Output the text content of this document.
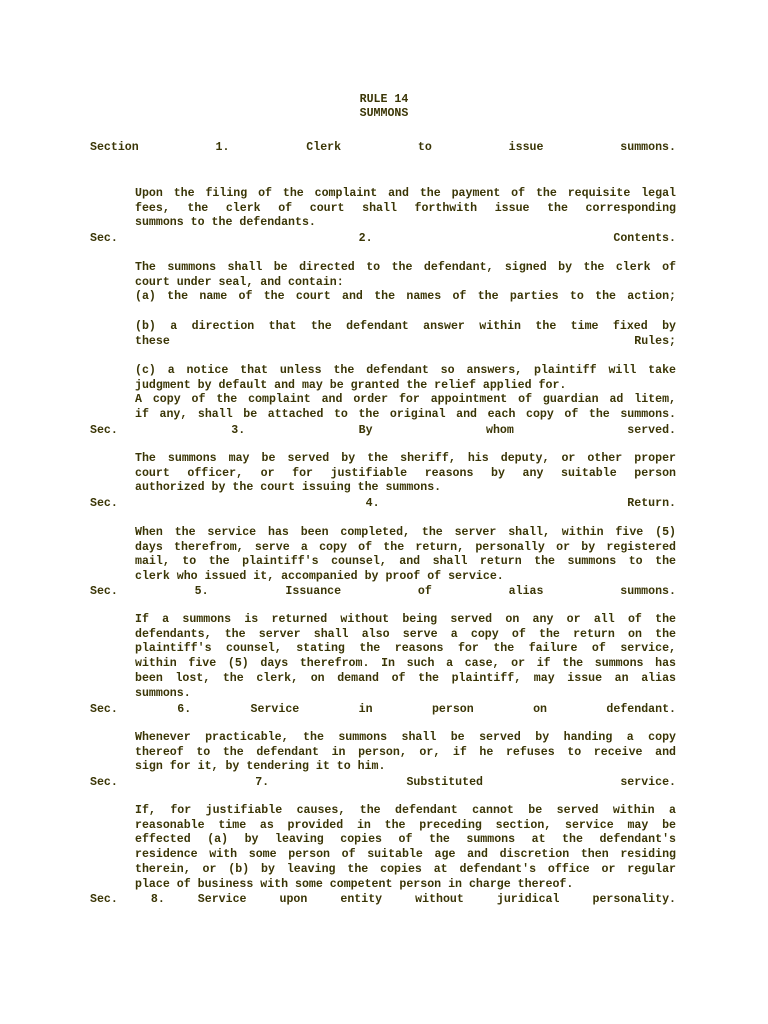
RULE 14
SUMMONS
Section	1.	Clerk	to	issue	summons.
Upon the filing of the complaint and the payment of the requisite legal
fees, the clerk of court shall forthwith issue the corresponding
summons to the defendants.
Sec.	2.	Contents.
The summons shall be directed to the defendant, signed by the clerk of
court under seal, and contain:
(a) the name of the court and the names of the parties to the action;
(b) a direction that the defendant answer within the time fixed by
these	Rules;
(c) a notice that unless the defendant so answers, plaintiff will take
judgment by default and may be granted the relief applied for.
A copy of the complaint and order for appointment of guardian ad litem,
if any, shall be attached to the original and each copy of the summons.
Sec.	3.	By	whom	served.
The summons may be served by the sheriff, his deputy, or other proper
court officer, or for justifiable reasons by any suitable person
authorized by the court issuing the summons.
Sec.	4.	Return.
When the service has been completed, the server shall, within five (5)
days therefrom, serve a copy of the return, personally or by registered
mail, to the plaintiff's counsel, and shall return the summons to the
clerk who issued it, accompanied by proof of service.
Sec.	5.	Issuance	of	alias	summons.
If a summons is returned without being served on any or all of the
defendants, the server shall also serve a copy of the return on the
plaintiff's counsel, stating the reasons for the failure of service,
within five (5) days therefrom. In such a case, or if the summons has
been lost, the clerk, on demand of the plaintiff, may issue an alias
summons.
Sec.	6.	Service	in	person	on	defendant.
Whenever practicable, the summons shall be served by handing a copy
thereof to the defendant in person, or, if he refuses to receive and
sign for it, by tendering it to him.
Sec.	7.	Substituted	service.
If, for justifiable causes, the defendant cannot be served within a
reasonable time as provided in the preceding section, service may be
effected (a) by leaving copies of the summons at the defendant's
residence with some person of suitable age and discretion then residing
therein, or (b) by leaving the copies at defendant's office or regular
place of business with some competent person in charge thereof.
Sec.	8.	Service	upon	entity	without	juridical	personality.
